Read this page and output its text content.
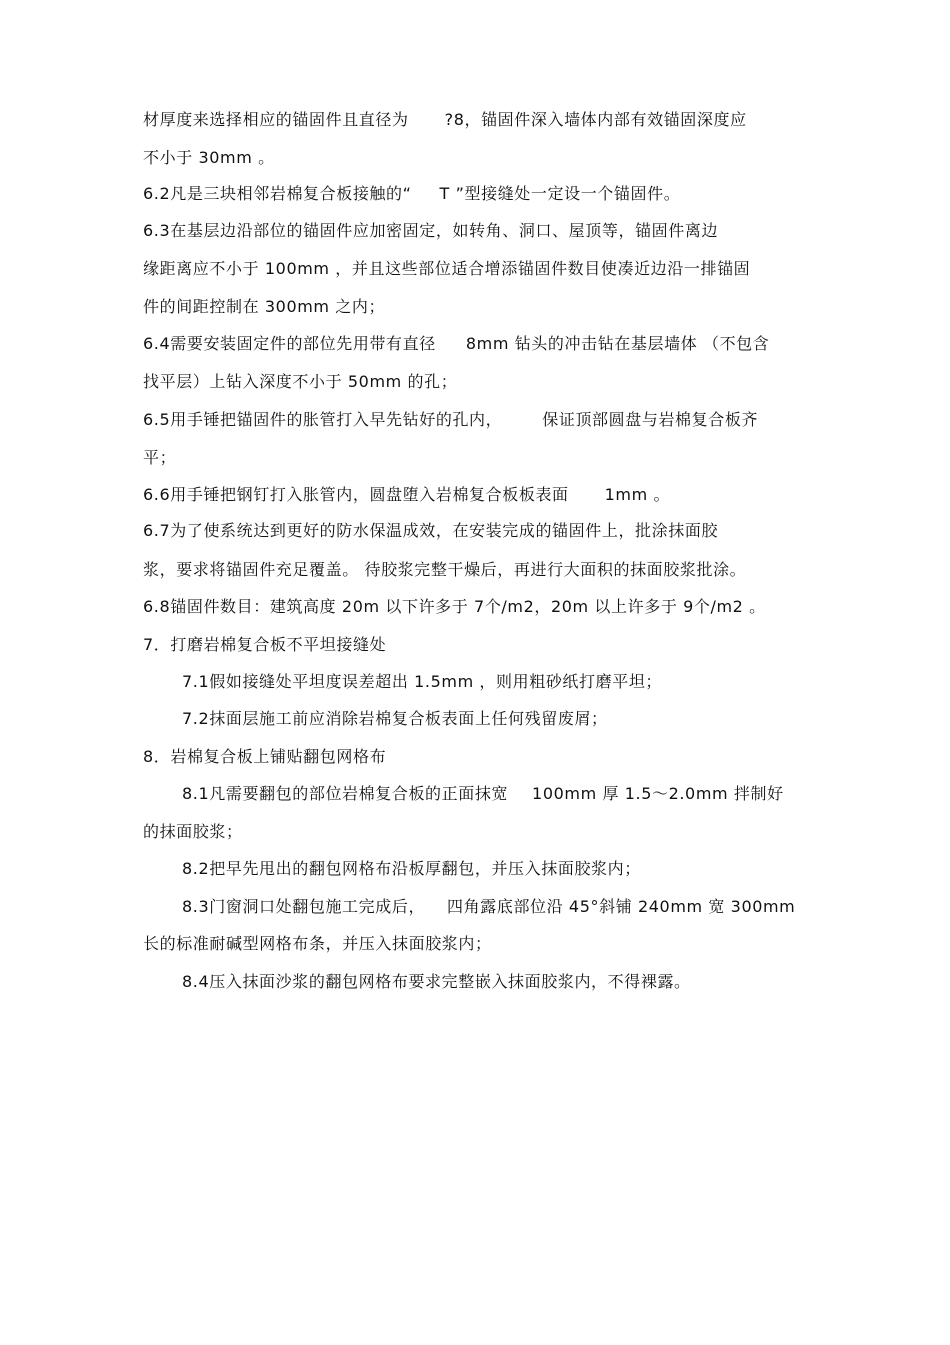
材厚度来选择相应的锚固件且直径为 ?8，锚固件深入墙体内部有效锚固深度应
不小于 30mm 。
6.2凡是三块相邻岩棉复合板接触的“ T ”型接缝处一定设一个锚固件。
6.3在基层边沿部位的锚固件应加密固定，如转角、洞口、屋顶等，锚固件离边
缘距离应不小于 100mm ，并且这些部位适合增添锚固件数目使凑近边沿一排锚固
件的间距控制在 300mm 之内；
6.4需要安装固定件的部位先用带有直径 8mm 钻头的冲击钻在基层墙体 （不包含
找平层）上钻入深度不小于 50mm 的孔；
6.5用手锤把锚固件的胀管打入早先钻好的孔内，	保证顶部圆盘与岩棉复合板齐
平；
6.6用手锤把钢钉打入胀管内，圆盘堕入岩棉复合板板表面 1mm 。
6.7为了使系统达到更好的防水保温成效，在安装完成的锚固件上，批涂抹面胶
浆，要求将锚固件充足覆盖。 待胶浆完整干燥后，再进行大面积的抹面胶浆批涂。
6.8锚固件数目：建筑高度 20m 以下许多于 7个/m2，20m 以上许多于 9个/m2 。
7．打磨岩棉复合板不平坦接缝处
7.1假如接缝处平坦度误差超出 1.5mm ，则用粗砂纸打磨平坦；
7.2抹面层施工前应消除岩棉复合板表面上任何残留废屑；
8．岩棉复合板上铺贴翻包网格布
8.1凡需要翻包的部位岩棉复合板的正面抹宽 100mm 厚 1.5～2.0mm 拌制好
的抹面胶浆；
8.2把早先甩出的翻包网格布沿板厚翻包，并压入抹面胶浆内；
8.3门窗洞口处翻包施工完成后， 四角露底部位沿 45°斜铺 240mm 宽 300mm
长的标准耐碱型网格布条，并压入抹面胶浆内；
8.4压入抹面沙浆的翻包网格布要求完整嵌入抹面胶浆内，不得裸露。
